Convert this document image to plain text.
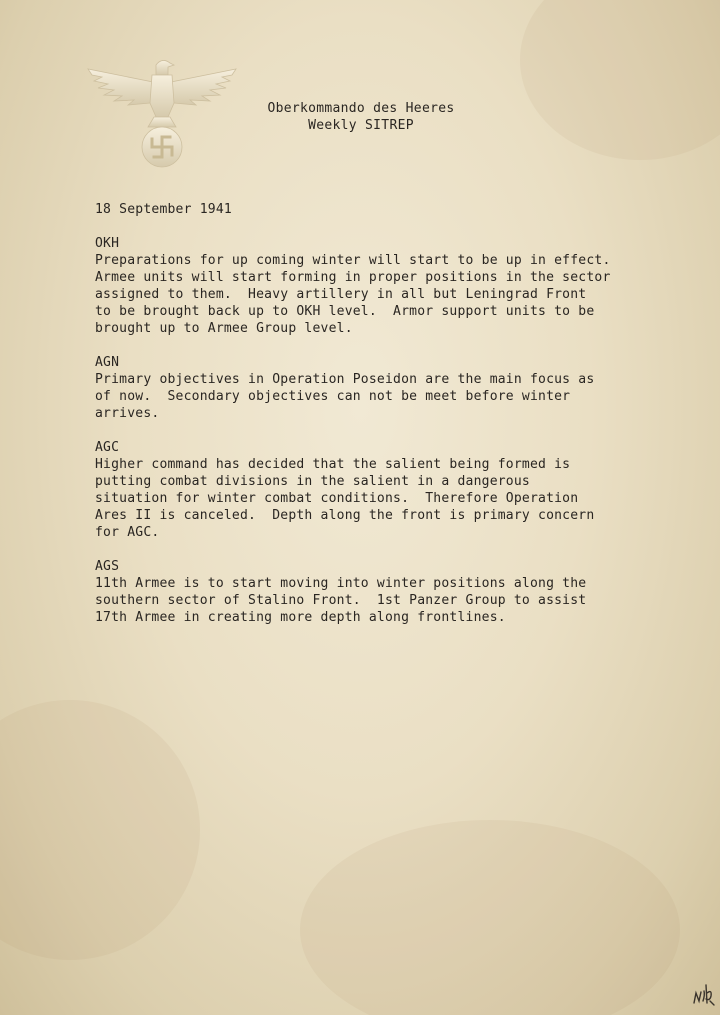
Oberkommando des Heeres
Weekly SITREP
18 September 1941
OKH
Preparations for up coming winter will start to be up in effect.
Armee units will start forming in proper positions in the sector
assigned to them.  Heavy artillery in all but Leningrad Front
to be brought back up to OKH level.  Armor support units to be
brought up to Armee Group level.
AGN
Primary objectives in Operation Poseidon are the main focus as
of now.  Secondary objectives can not be meet before winter
arrives.
AGC
Higher command has decided that the salient being formed is
putting combat divisions in the salient in a dangerous
situation for winter combat conditions.  Therefore Operation
Ares II is canceled.  Depth along the front is primary concern
for AGC.
AGS
11th Armee is to start moving into winter positions along the
southern sector of Stalino Front.  1st Panzer Group to assist
17th Armee in creating more depth along frontlines.
